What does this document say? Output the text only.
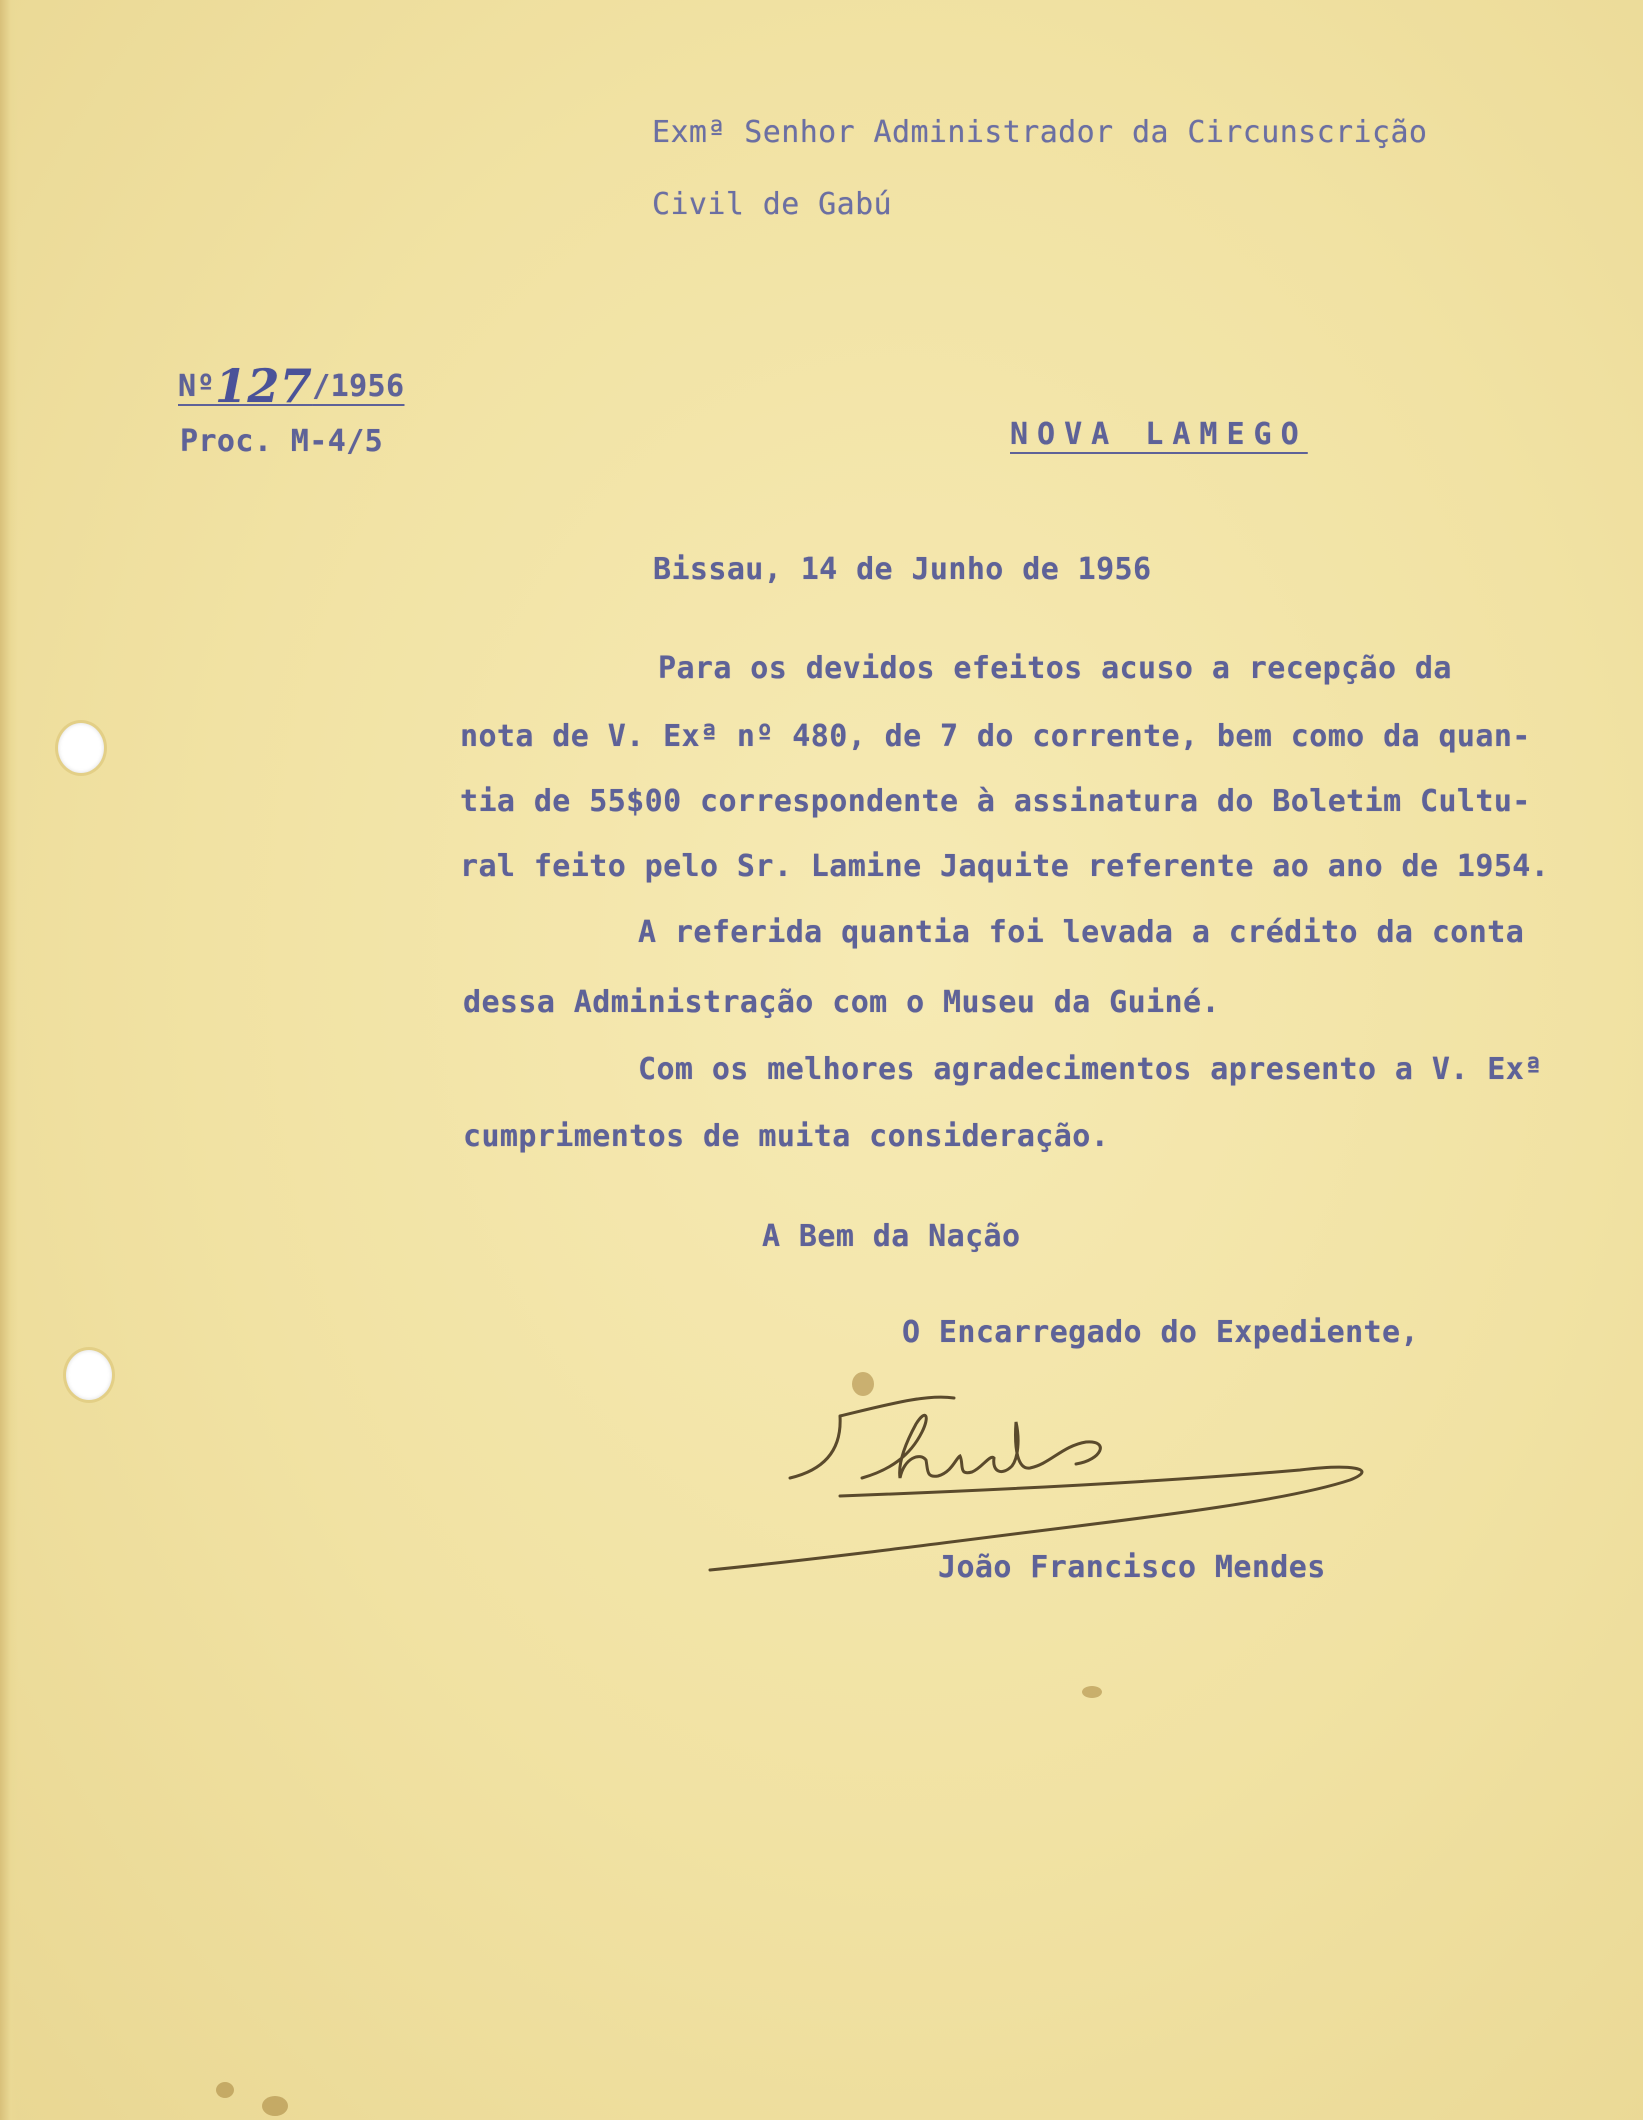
Exmª Senhor Administrador da Circunscrição
Civil de Gabú
Nº127/1956
Proc. M-4/5	NOVA LAMEGO
Bissau, 14 de Junho de 1956
Para os devidos efeitos acuso a recepção da
nota de V. Exª nº 480, de 7 do corrente, bem como da quan-
tia de 55$00 correspondente à assinatura do Boletim Cultu-
ral feito pelo Sr. Lamine Jaquite referente ao ano de 1954.
A referida quantia foi levada a crédito da conta
dessa Administração com o Museu da Guiné.
Com os melhores agradecimentos apresento a V. Exª
cumprimentos de muita consideração.
A Bem da Nação
O Encarregado do Expediente,
João Francisco Mendes
